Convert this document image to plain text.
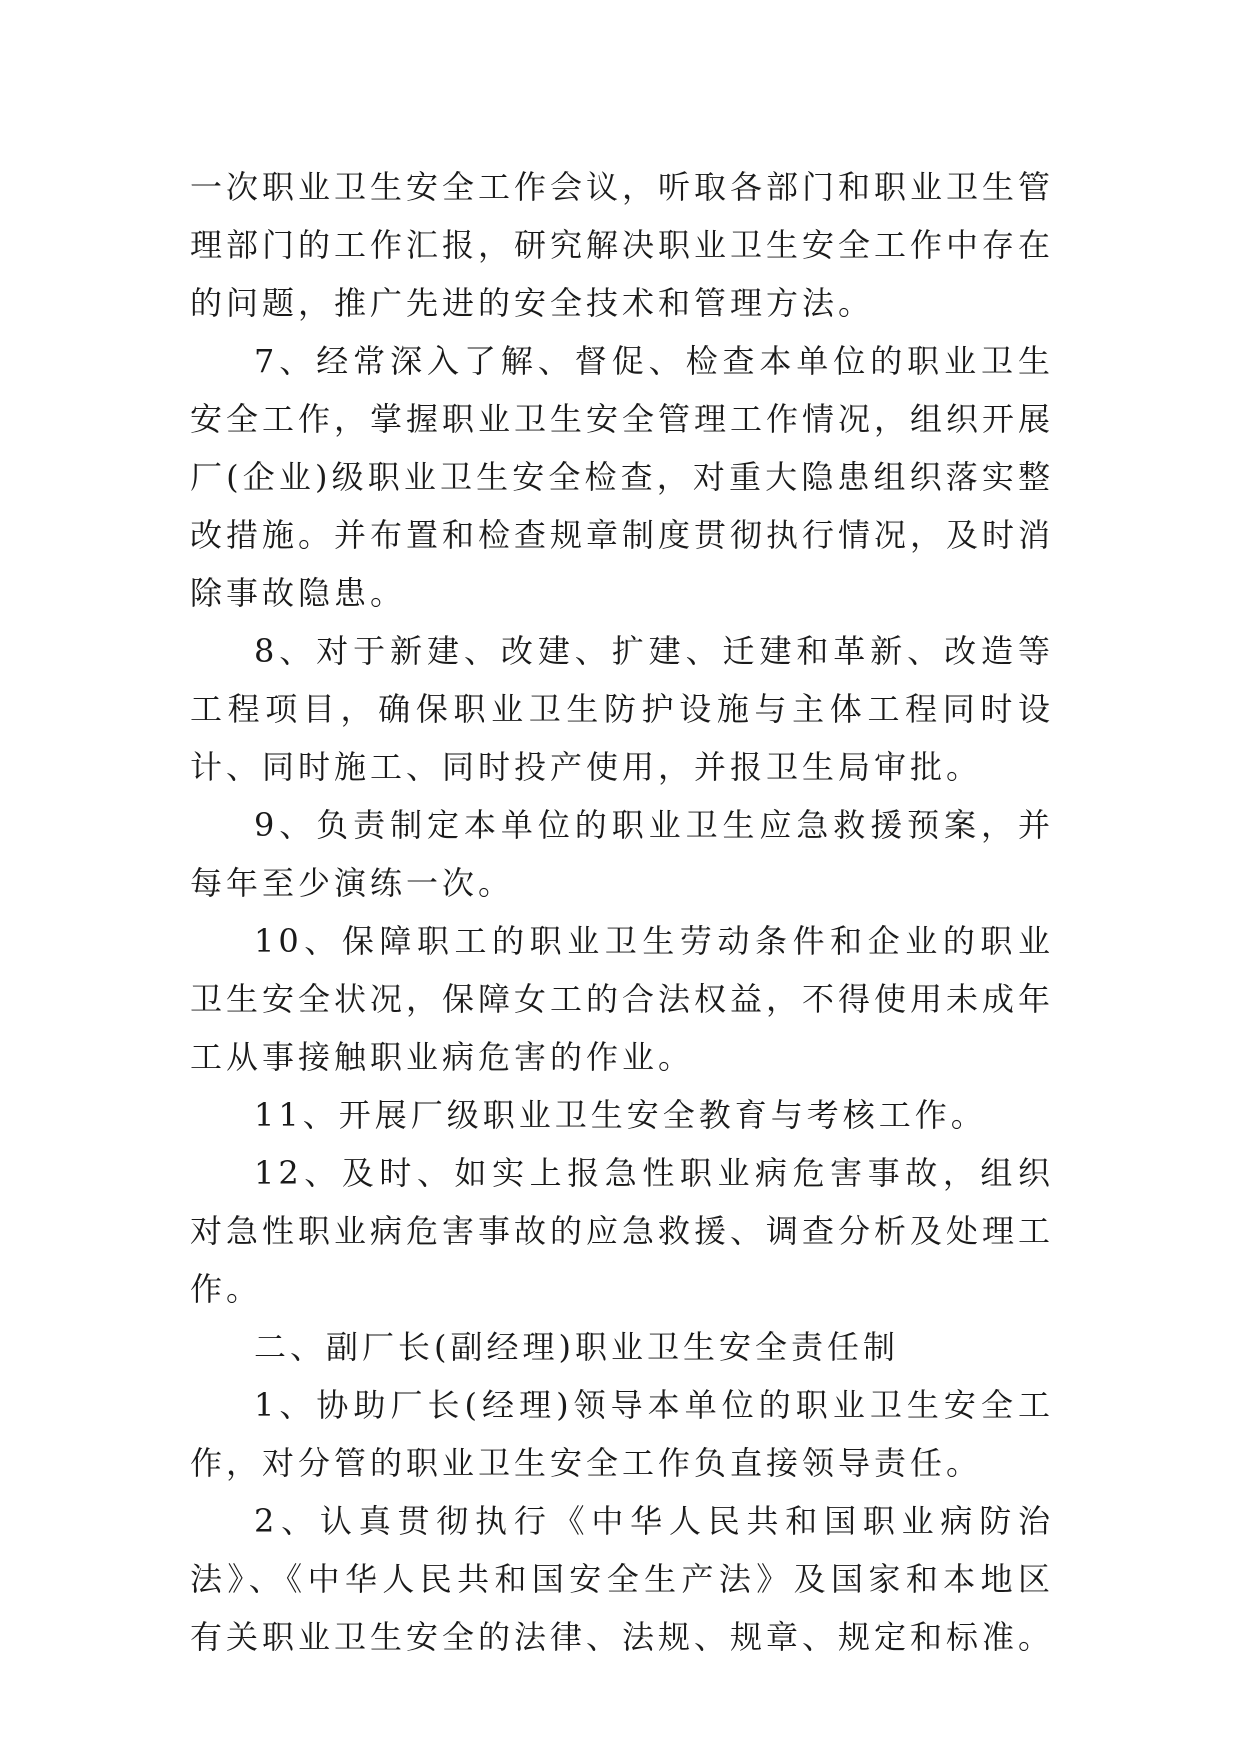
一次职业卫生安全工作会议，听取各部门和职业卫生管理部门的工作汇报，研究解决职业卫生安全工作中存在的问题，推广先进的安全技术和管理方法。

7、经常深入了解、督促、检查本单位的职业卫生安全工作，掌握职业卫生安全管理工作情况，组织开展厂(企业)级职业卫生安全检查，对重大隐患组织落实整改措施。并布置和检查规章制度贯彻执行情况，及时消除事故隐患。

8、对于新建、改建、扩建、迁建和革新、改造等工程项目，确保职业卫生防护设施与主体工程同时设计、同时施工、同时投产使用，并报卫生局审批。

9、负责制定本单位的职业卫生应急救援预案，并每年至少演练一次。

10、保障职工的职业卫生劳动条件和企业的职业卫生安全状况，保障女工的合法权益，不得使用未成年工从事接触职业病危害的作业。

11、开展厂级职业卫生安全教育与考核工作。

12、及时、如实上报急性职业病危害事故，组织对急性职业病危害事故的应急救援、调查分析及处理工作。

二、副厂长(副经理)职业卫生安全责任制

1、协助厂长(经理)领导本单位的职业卫生安全工作，对分管的职业卫生安全工作负直接领导责任。

2、认真贯彻执行《中华人民共和国职业病防治法》、《中华人民共和国安全生产法》及国家和本地区有关职业卫生安全的法律、法规、规章、规定和标准。
